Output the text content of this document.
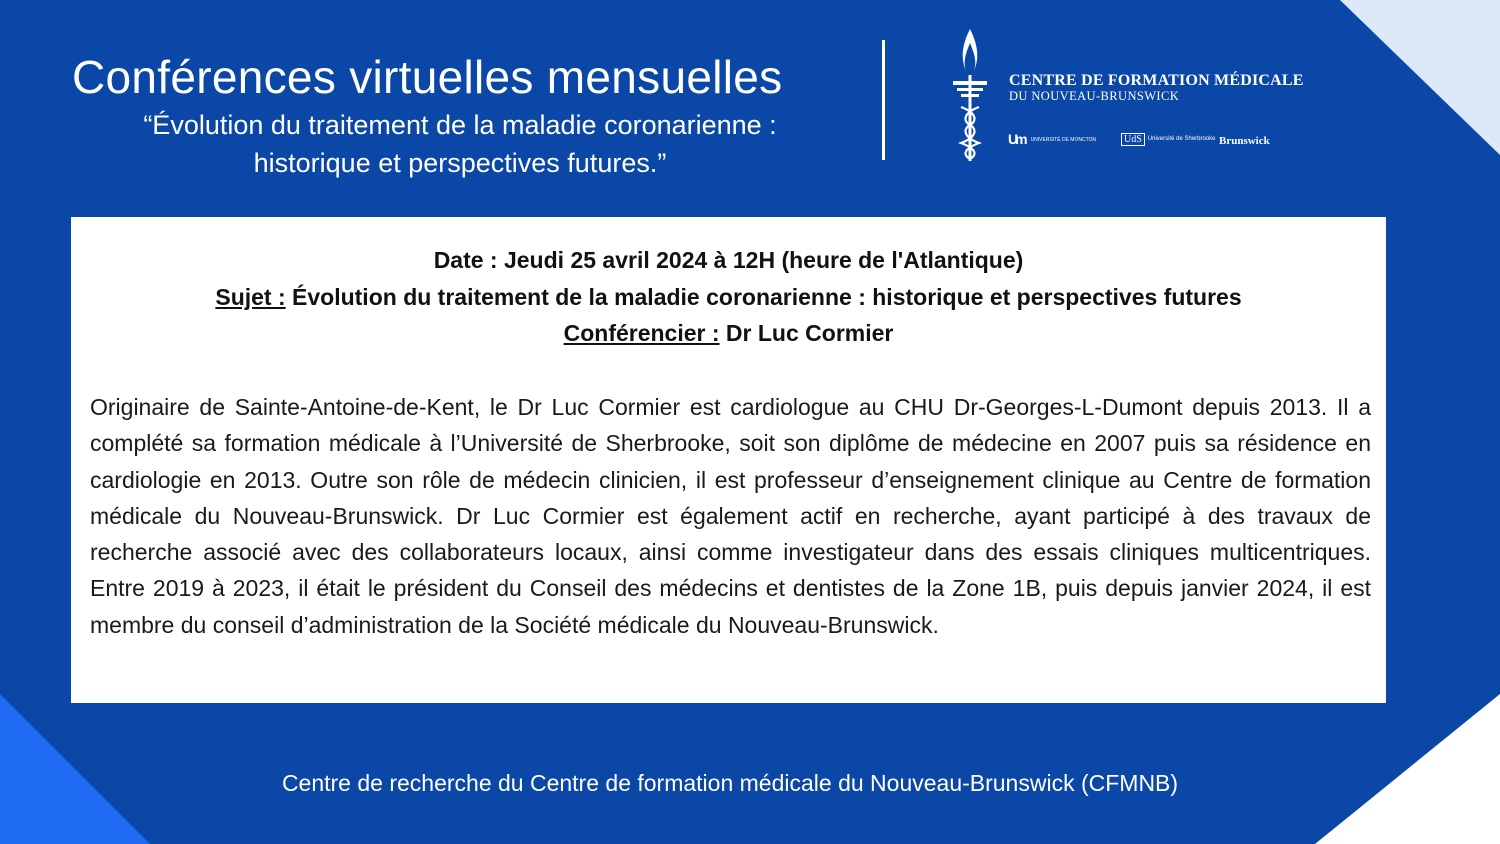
Conférences virtuelles mensuelles
“Évolution du traitement de la maladie coronarienne :
historique et perspectives futures.”
CENTRE DE FORMATION MÉDICALE
DU NOUVEAU-BRUNSWICK
Um UNIVERSITÉ DE MONCTON	UdS Université de Sherbrooke Brunswick
Date : Jeudi 25 avril 2024 à 12H (heure de l'Atlantique)
Sujet : Évolution du traitement de la maladie coronarienne : historique et perspectives futures
Conférencier : Dr Luc Cormier

Originaire de Sainte-Antoine-de-Kent, le Dr Luc Cormier est cardiologue au CHU Dr-Georges-L-Dumont depuis 2013. Il a complété sa formation médicale à l’Université de Sherbrooke, soit son diplôme de médecine en 2007 puis sa résidence en cardiologie en 2013. Outre son rôle de médecin clinicien, il est professeur d’enseignement clinique au Centre de formation médicale du Nouveau-Brunswick. Dr Luc Cormier est également actif en recherche, ayant participé à des travaux de recherche associé avec des collaborateurs locaux, ainsi comme investigateur dans des essais cliniques multicentriques. Entre 2019 à 2023, il était le président du Conseil des médecins et dentistes de la Zone 1B, puis depuis janvier 2024, il est membre du conseil d’administration de la Société médicale du Nouveau-Brunswick.

Centre de recherche du Centre de formation médicale du Nouveau-Brunswick (CFMNB)
